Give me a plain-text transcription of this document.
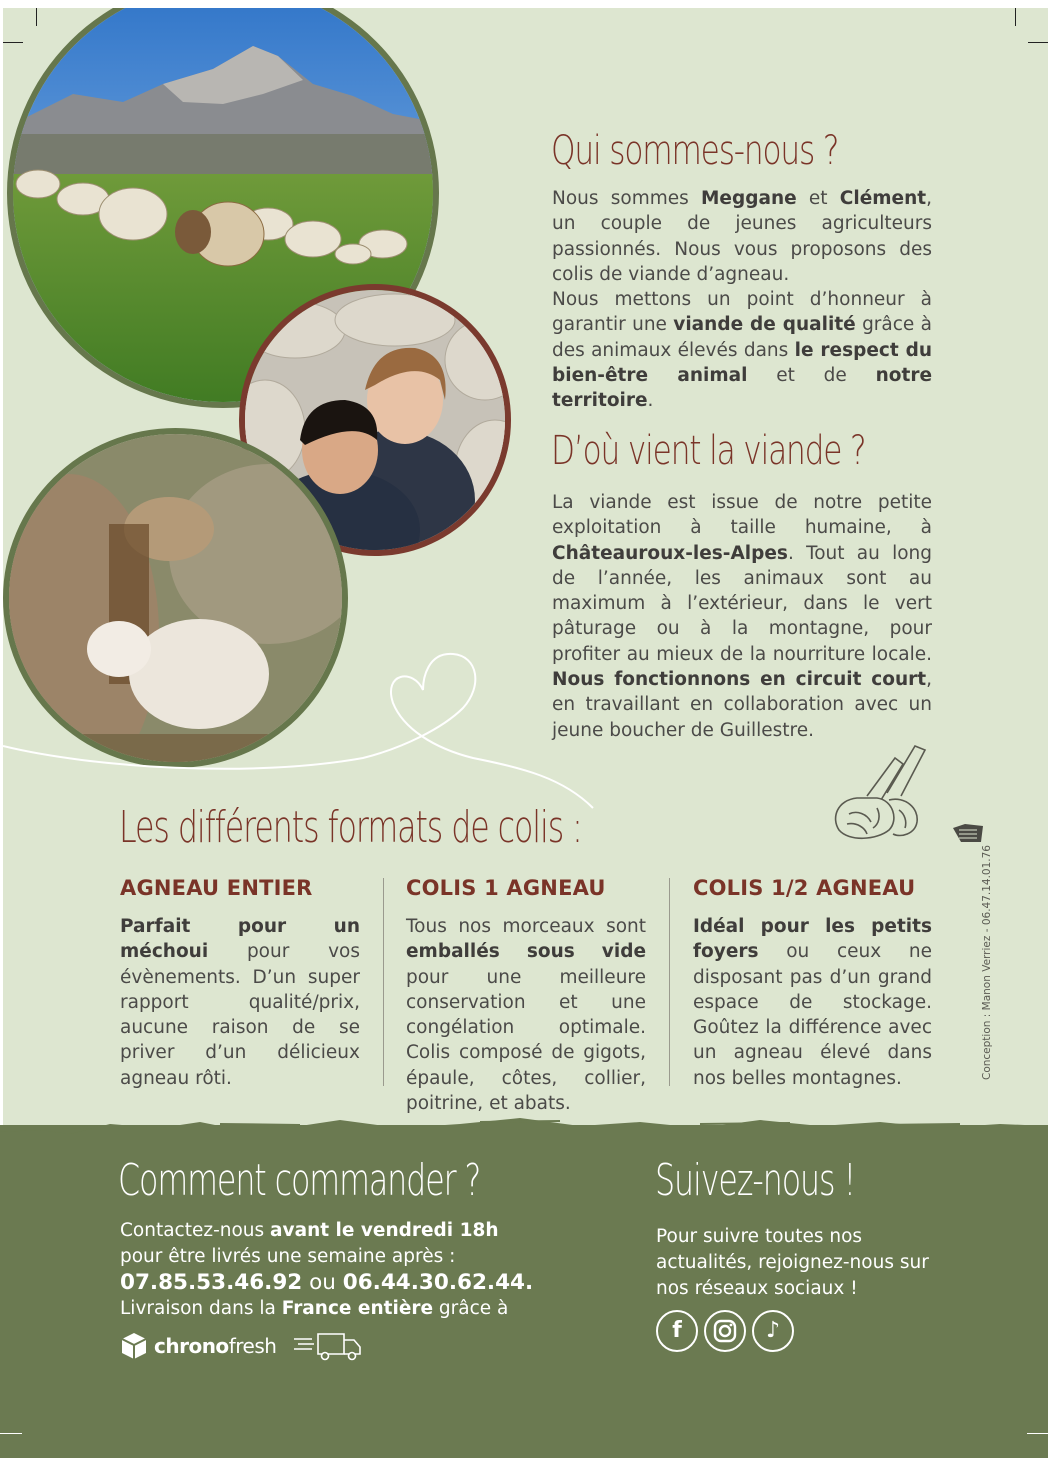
Qui sommes-nous ?
Nous sommes Meggane et Clément, un couple de jeunes agriculteurs passionnés. Nous vous proposons des colis de viande d’agneau.
Nous mettons un point d’honneur à garantir une viande de qualité grâce à des animaux élevés dans le respect du bien-être animal et de notre territoire.
D’où vient la viande ?
La viande est issue de notre petite exploitation à taille humaine, à Châteauroux-les-Alpes. Tout au long de l’année, les animaux sont au maximum à l’extérieur, dans le vert pâturage ou à la montagne, pour profiter au mieux de la nourriture locale. Nous fonctionnons en circuit court, en travaillant en collaboration avec un jeune boucher de Guillestre.
Les différents formats de colis :
AGNEAU ENTIER
Parfait pour un méchoui pour vos évènements. D’un super rapport qualité/prix, aucune raison de se priver d’un délicieux agneau rôti.
COLIS 1 AGNEAU
Tous nos morceaux sont emballés sous vide pour une meilleure conservation et une congélation optimale. Colis composé de gigots, épaule, côtes, collier, poitrine, et abats.
COLIS 1/2 AGNEAU
Idéal pour les petits foyers ou ceux ne disposant pas d’un grand espace de stockage. Goûtez la différence avec un agneau élevé dans nos belles montagnes.	Conception : Manon Verriez - 06.47.14.01.76
Comment commander ?
Contactez-nous avant le vendredi 18h
pour être livrés une semaine après :
07.85.53.46.92 ou 06.44.30.62.44.
Livraison dans la France entière grâce à
chrono fresh
Suivez-nous !
Pour suivre toutes nos actualités, rejoignez-nous sur nos réseaux sociaux !
f	♪
